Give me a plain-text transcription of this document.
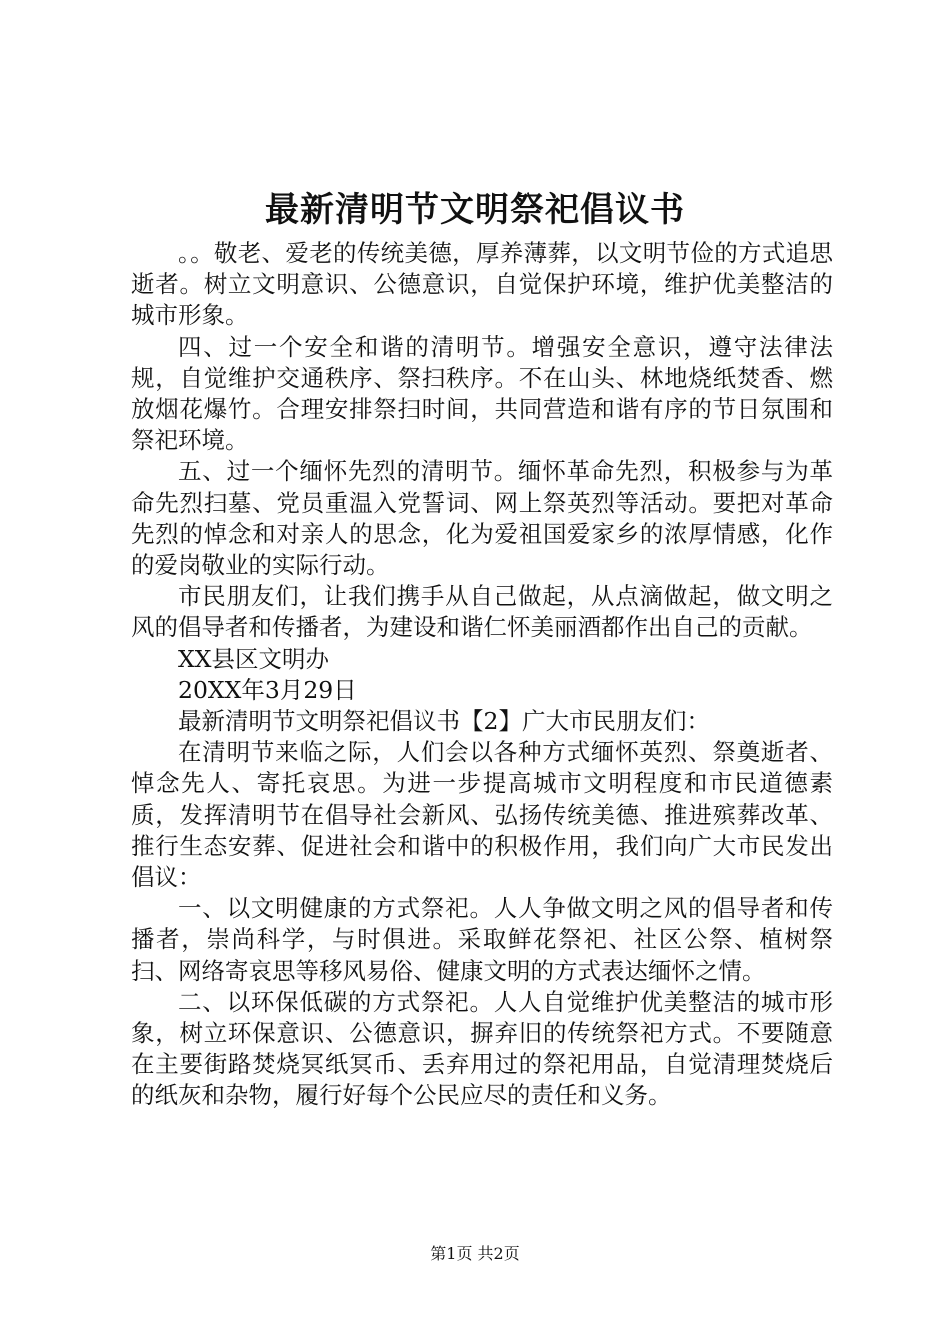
最新清明节文明祭祀倡议书

。。敬老、爱老的传统美德，厚养薄葬，以文明节俭的方式追思逝者。树立文明意识、公德意识，自觉保护环境，维护优美整洁的城市形象。

四、过一个安全和谐的清明节。增强安全意识，遵守法律法规，自觉维护交通秩序、祭扫秩序。不在山头、林地烧纸焚香、燃放烟花爆竹。合理安排祭扫时间，共同营造和谐有序的节日氛围和祭祀环境。

五、过一个缅怀先烈的清明节。缅怀革命先烈，积极参与为革命先烈扫墓、党员重温入党誓词、网上祭英烈等活动。要把对革命先烈的悼念和对亲人的思念，化为爱祖国爱家乡的浓厚情感，化作的爱岗敬业的实际行动。

市民朋友们，让我们携手从自己做起，从点滴做起，做文明之风的倡导者和传播者，为建设和谐仁怀美丽酒都作出自己的贡献。

XX县区文明办

20XX年3月29日

最新清明节文明祭祀倡议书【2】广大市民朋友们：

在清明节来临之际，人们会以各种方式缅怀英烈、祭奠逝者、悼念先人、寄托哀思。为进一步提高城市文明程度和市民道德素质，发挥清明节在倡导社会新风、弘扬传统美德、推进殡葬改革、推行生态安葬、促进社会和谐中的积极作用，我们向广大市民发出倡议：

一、以文明健康的方式祭祀。人人争做文明之风的倡导者和传播者，崇尚科学，与时俱进。采取鲜花祭祀、社区公祭、植树祭扫、网络寄哀思等移风易俗、健康文明的方式表达缅怀之情。

二、以环保低碳的方式祭祀。人人自觉维护优美整洁的城市形象，树立环保意识、公德意识，摒弃旧的传统祭祀方式。不要随意在主要街路焚烧冥纸冥币、丢弃用过的祭祀用品，自觉清理焚烧后的纸灰和杂物，履行好每个公民应尽的责任和义务。

第1页 共2页
